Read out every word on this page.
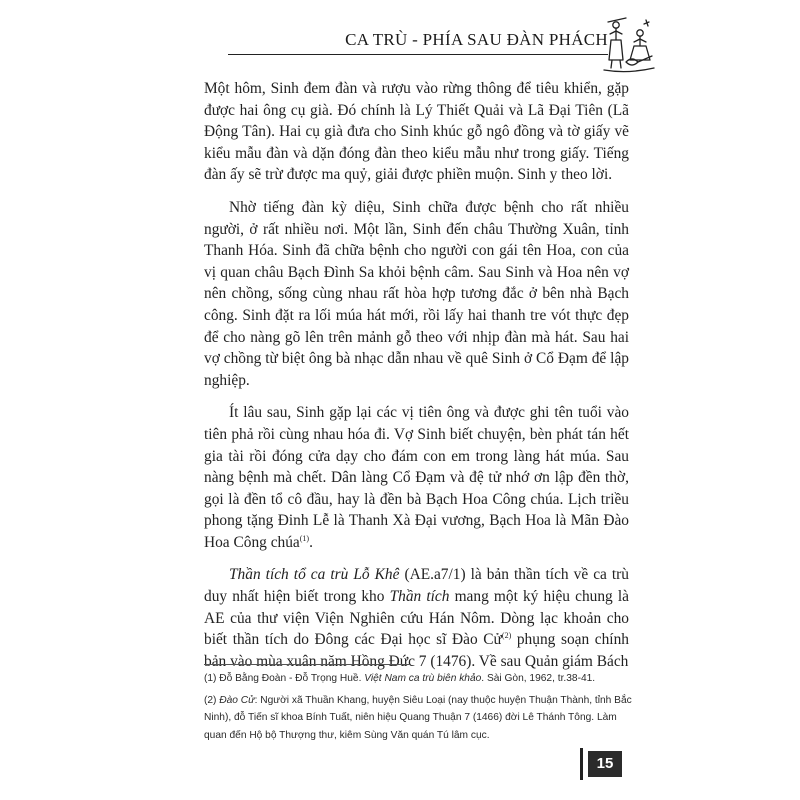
CA TRÙ - PHÍA SAU ĐÀN PHÁCH

Một hôm, Sinh đem đàn và rượu vào rừng thông để tiêu khiển, gặp được hai ông cụ già. Đó chính là Lý Thiết Quải và Lã Đại Tiên (Lã Động Tân). Hai cụ già đưa cho Sinh khúc gỗ ngô đồng và tờ giấy vẽ kiểu mẫu đàn và dặn đóng đàn theo kiểu mẫu như trong giấy. Tiếng đàn ấy sẽ trừ được ma quỷ, giải được phiền muộn. Sinh y theo lời.

Nhờ tiếng đàn kỳ diệu, Sinh chữa được bệnh cho rất nhiều người, ở rất nhiều nơi. Một lần, Sinh đến châu Thường Xuân, tỉnh Thanh Hóa. Sinh đã chữa bệnh cho người con gái tên Hoa, con của vị quan châu Bạch Đình Sa khỏi bệnh câm. Sau Sinh và Hoa nên vợ nên chồng, sống cùng nhau rất hòa hợp tương đắc ở bên nhà Bạch công. Sinh đặt ra lối múa hát mới, rồi lấy hai thanh tre vót thực đẹp để cho nàng gõ lên trên mảnh gỗ theo với nhịp đàn mà hát. Sau hai vợ chồng từ biệt ông bà nhạc dẫn nhau về quê Sinh ở Cổ Đạm để lập nghiệp.

Ít lâu sau, Sinh gặp lại các vị tiên ông và được ghi tên tuổi vào tiên phả rồi cùng nhau hóa đi. Vợ Sinh biết chuyện, bèn phát tán hết gia tài rồi đóng cửa dạy cho đám con em trong làng hát múa. Sau nàng bệnh mà chết. Dân làng Cổ Đạm và đệ tử nhớ ơn lập đền thờ, gọi là đền tổ cô đầu, hay là đền bà Bạch Hoa Công chúa. Lịch triều phong tặng Đinh Lễ là Thanh Xà Đại vương, Bạch Hoa là Mãn Đào Hoa Công chúa$^{(1)}$.

Thần tích tổ ca trù Lỗ Khê (AE.a7/1) là bản thần tích về ca trù duy nhất hiện biết trong kho Thần tích mang một ký hiệu chung là AE của thư viện Viện Nghiên cứu Hán Nôm. Dòng lạc khoản cho biết thần tích do Đông các Đại học sĩ Đào Cử$^{(2)}$ phụng soạn chính bản vào mùa xuân năm Hồng Đức 7 (1476). Về sau Quản giám Bách

(1) Đỗ Bằng Đoàn - Đỗ Trọng Huề. Việt Nam ca trù biên khảo. Sài Gòn, 1962, tr.38-41.

(2) Đào Cử: Người xã Thuần Khang, huyện Siêu Loại (nay thuộc huyện Thuận Thành, tỉnh Bắc Ninh), đỗ Tiến sĩ khoa Bính Tuất, niên hiệu Quang Thuận 7 (1466) đời Lê Thánh Tông. Làm quan đến Hộ bộ Thượng thư, kiêm Sùng Văn quán Tú lâm cục.

15
